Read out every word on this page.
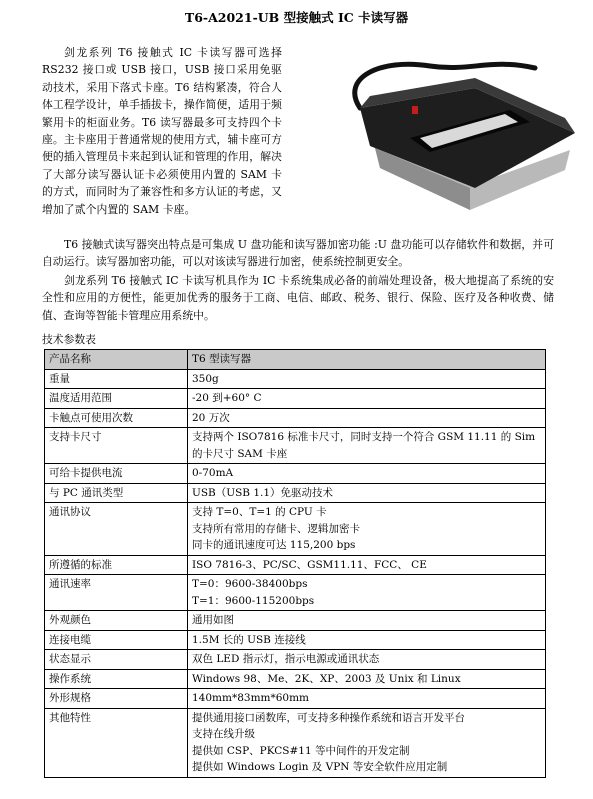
T6-A2021-UB 型接触式 IC 卡读写器

剑龙系列 T6 接触式 IC 卡读写器可选择 RS232 接口或 USB 接口，USB 接口采用免驱动技术，采用下落式卡座。T6 结构紧凑，符合人体工程学设计，单手插拔卡，操作简便，适用于频繁用卡的柜面业务。T6 读写器最多可支持四个卡座。主卡座用于普通常规的使用方式，辅卡座可方便的插入管理员卡来起到认证和管理的作用，解决了大部分读写器认证卡必须使用内置的 SAM 卡的方式，而同时为了兼容性和多方认证的考虑，又增加了贰个内置的 SAM 卡座。

T6 接触式读写器突出特点是可集成 U 盘功能和读写器加密功能 :U 盘功能可以存储软件和数据，并可自动运行。读写器加密功能，可以对该读写器进行加密，使系统控制更安全。

剑龙系列 T6 接触式 IC 卡读写机具作为 IC 卡系统集成必备的前端处理设备，极大地提高了系统的安全性和应用的方便性，能更加优秀的服务于工商、电信、邮政、税务、银行、保险、医疗及各种收费、储值、查询等智能卡管理应用系统中。

技术参数表
产品名称	T6 型读写器
重量	350g

温度适用范围	-20 到+60° C

卡触点可使用次数	20 万次

支持卡尺寸	支持两个 ISO7816 标准卡尺寸，同时支持一个符合 GSM 11.11 的 Sim 的卡尺寸 SAM 卡座

可给卡提供电流	0-70mA

与 PC 通讯类型	USB（USB 1.1）免驱动技术

通讯协议	支持 T=0、T=1 的 CPU 卡
支持所有常用的存储卡、逻辑加密卡
同卡的通讯速度可达 115,200 bps

所遵循的标准	ISO 7816-3、PC/SC、GSM11.11、FCC、 CE

通讯速率	T=0：9600-38400bps
T=1：9600-115200bps

外观颜色	通用如图

连接电缆	1.5M 长的 USB 连接线

状态显示	双色 LED 指示灯，指示电源或通讯状态

操作系统	Windows 98、Me、2K、XP、2003 及 Unix 和 Linux

外形规格	140mm*83mm*60mm

其他特性	提供通用接口函数库，可支持多种操作系统和语言开发平台
支持在线升级
提供如 CSP、PKCS#11 等中间件的开发定制
提供如 Windows Login 及 VPN 等安全软件应用定制
